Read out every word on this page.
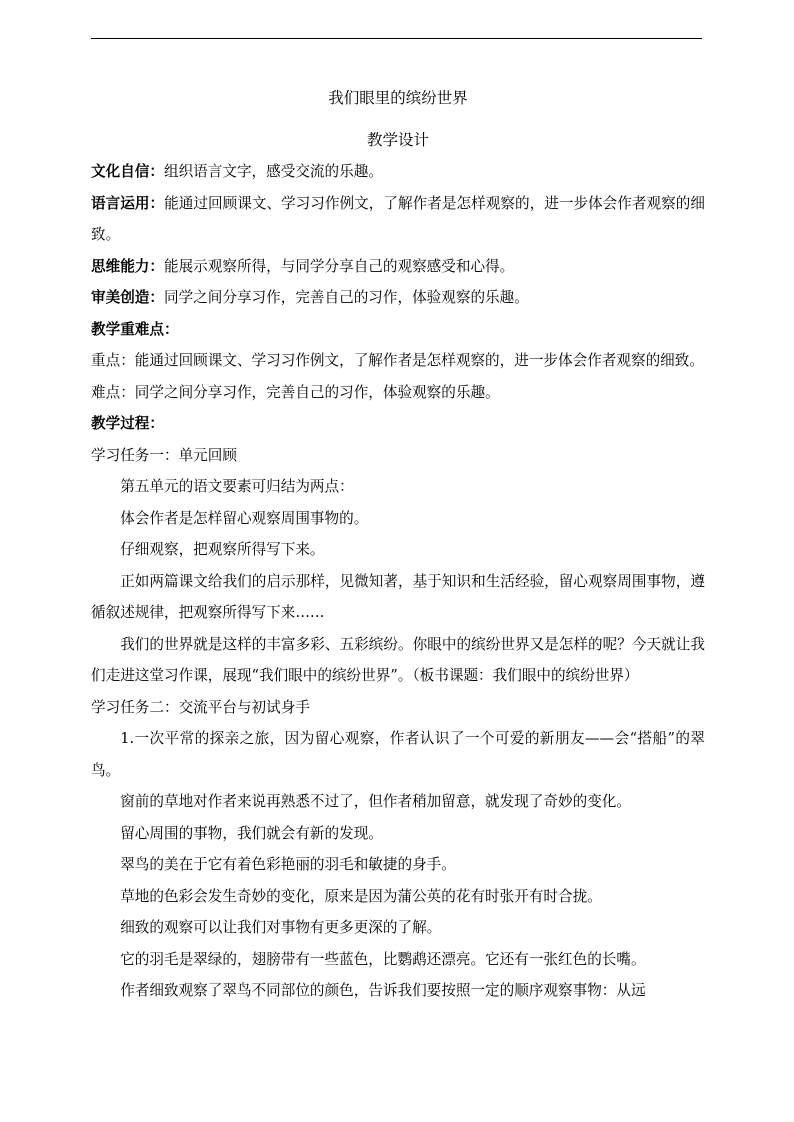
我们眼里的缤纷世界
教学设计
文化自信：组织语言文字，感受交流的乐趣。
语言运用：能通过回顾课文、学习习作例文，了解作者是怎样观察的，进一步体会作者观察的细致。
思维能力：能展示观察所得，与同学分享自己的观察感受和心得。
审美创造：同学之间分享习作，完善自己的习作，体验观察的乐趣。
教学重难点：
重点：能通过回顾课文、学习习作例文，了解作者是怎样观察的，进一步体会作者观察的细致。
难点：同学之间分享习作，完善自己的习作，体验观察的乐趣。
教学过程：
学习任务一：单元回顾
第五单元的语文要素可归结为两点：
体会作者是怎样留心观察周围事物的。
仔细观察，把观察所得写下来。
正如两篇课文给我们的启示那样，见微知著，基于知识和生活经验，留心观察周围事物，遵循叙述规律，把观察所得写下来……
我们的世界就是这样的丰富多彩、五彩缤纷。你眼中的缤纷世界又是怎样的呢？今天就让我们走进这堂习作课，展现“我们眼中的缤纷世界”。（板书课题：我们眼中的缤纷世界）
学习任务二：交流平台与初试身手
1.一次平常的探亲之旅，因为留心观察，作者认识了一个可爱的新朋友——会“搭船”的翠鸟。
窗前的草地对作者来说再熟悉不过了，但作者稍加留意，就发现了奇妙的变化。
留心周围的事物，我们就会有新的发现。
翠鸟的美在于它有着色彩艳丽的羽毛和敏捷的身手。
草地的色彩会发生奇妙的变化，原来是因为蒲公英的花有时张开有时合拢。
细致的观察可以让我们对事物有更多更深的了解。
它的羽毛是翠绿的，翅膀带有一些蓝色，比鹦鹉还漂亮。它还有一张红色的长嘴。
作者细致观察了翠鸟不同部位的颜色，告诉我们要按照一定的顺序观察事物：从远
